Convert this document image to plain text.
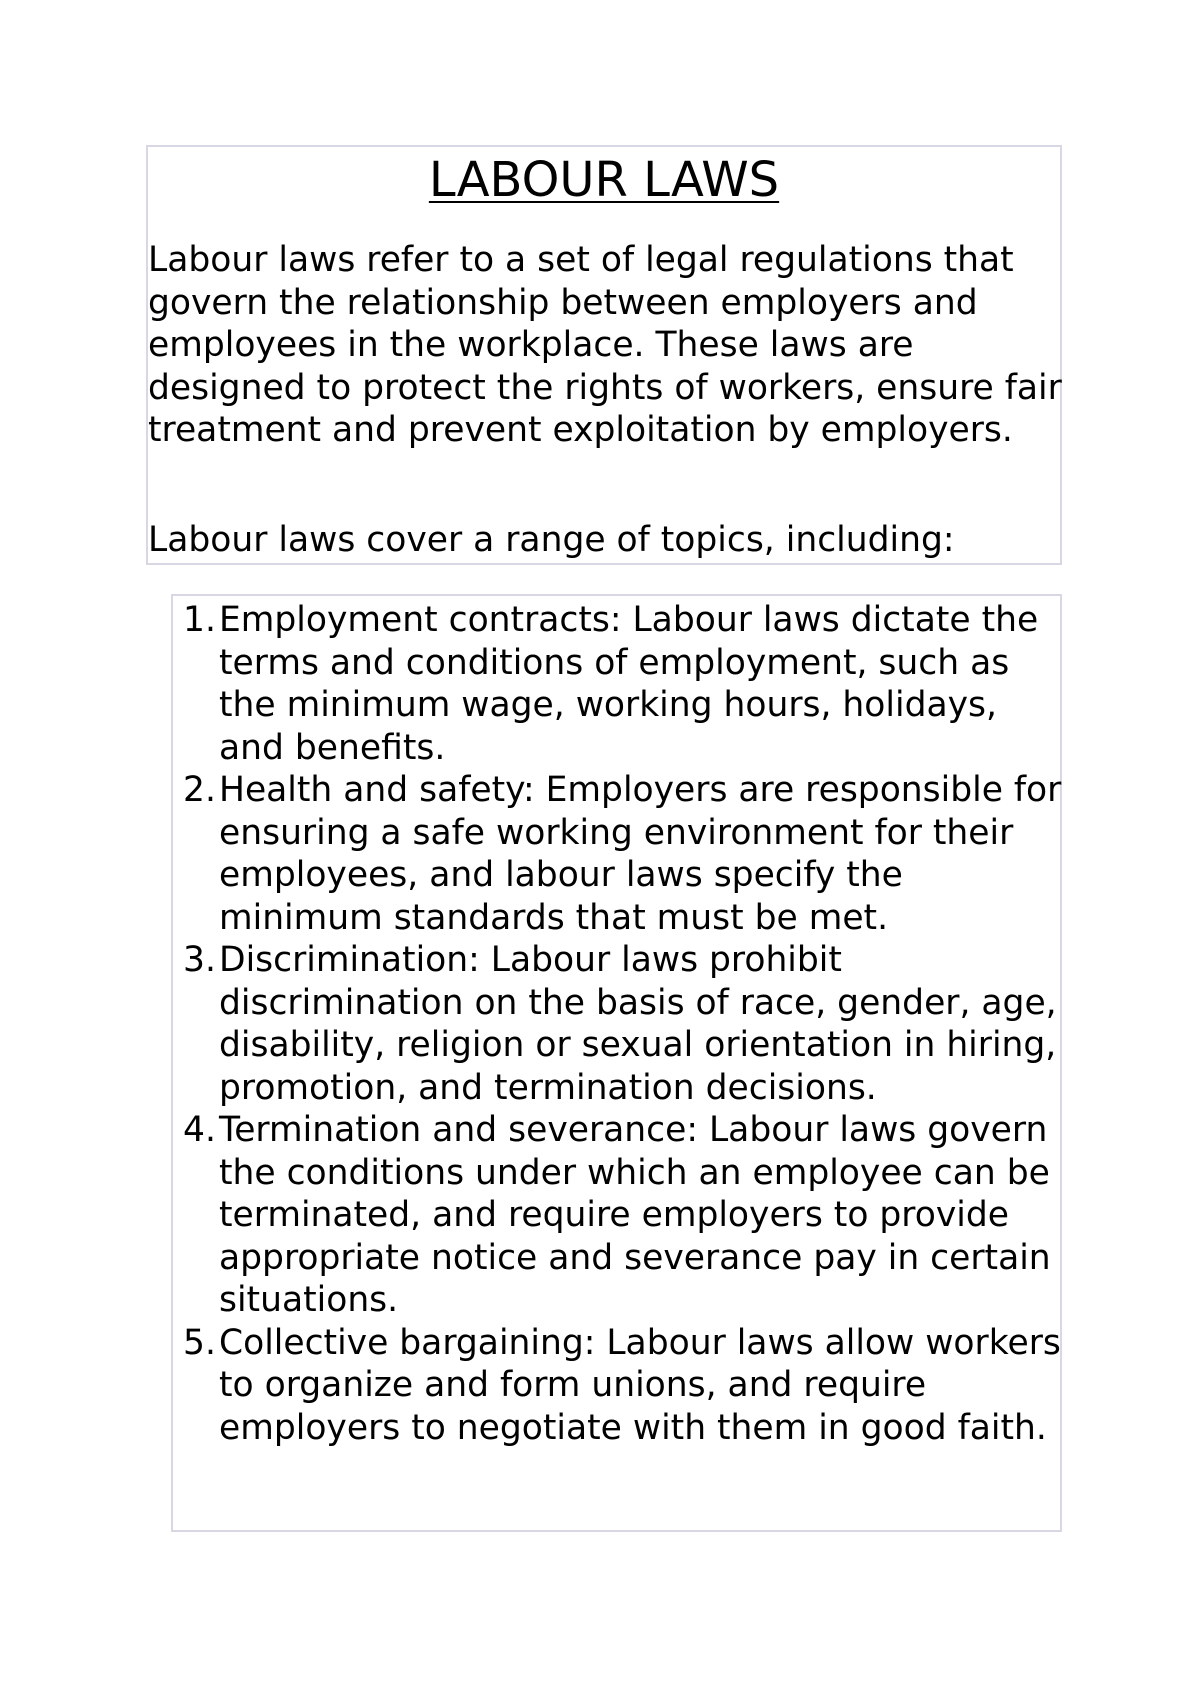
LABOUR LAWS

Labour laws refer to a set of legal regulations that govern the relationship between employers and employees in the workplace. These laws are designed to protect the rights of workers, ensure fair treatment and prevent exploitation by employers.

Labour laws cover a range of topics, including:

1. Employment contracts: Labour laws dictate the terms and conditions of employment, such as the minimum wage, working hours, holidays, and benefits.
2. Health and safety: Employers are responsible for ensuring a safe working environment for their employees, and labour laws specify the minimum standards that must be met.
3. Discrimination: Labour laws prohibit discrimination on the basis of race, gender, age, disability, religion or sexual orientation in hiring, promotion, and termination decisions.
4. Termination and severance: Labour laws govern the conditions under which an employee can be terminated, and require employers to provide appropriate notice and severance pay in certain situations.
5. Collective bargaining: Labour laws allow workers to organize and form unions, and require employers to negotiate with them in good faith.
